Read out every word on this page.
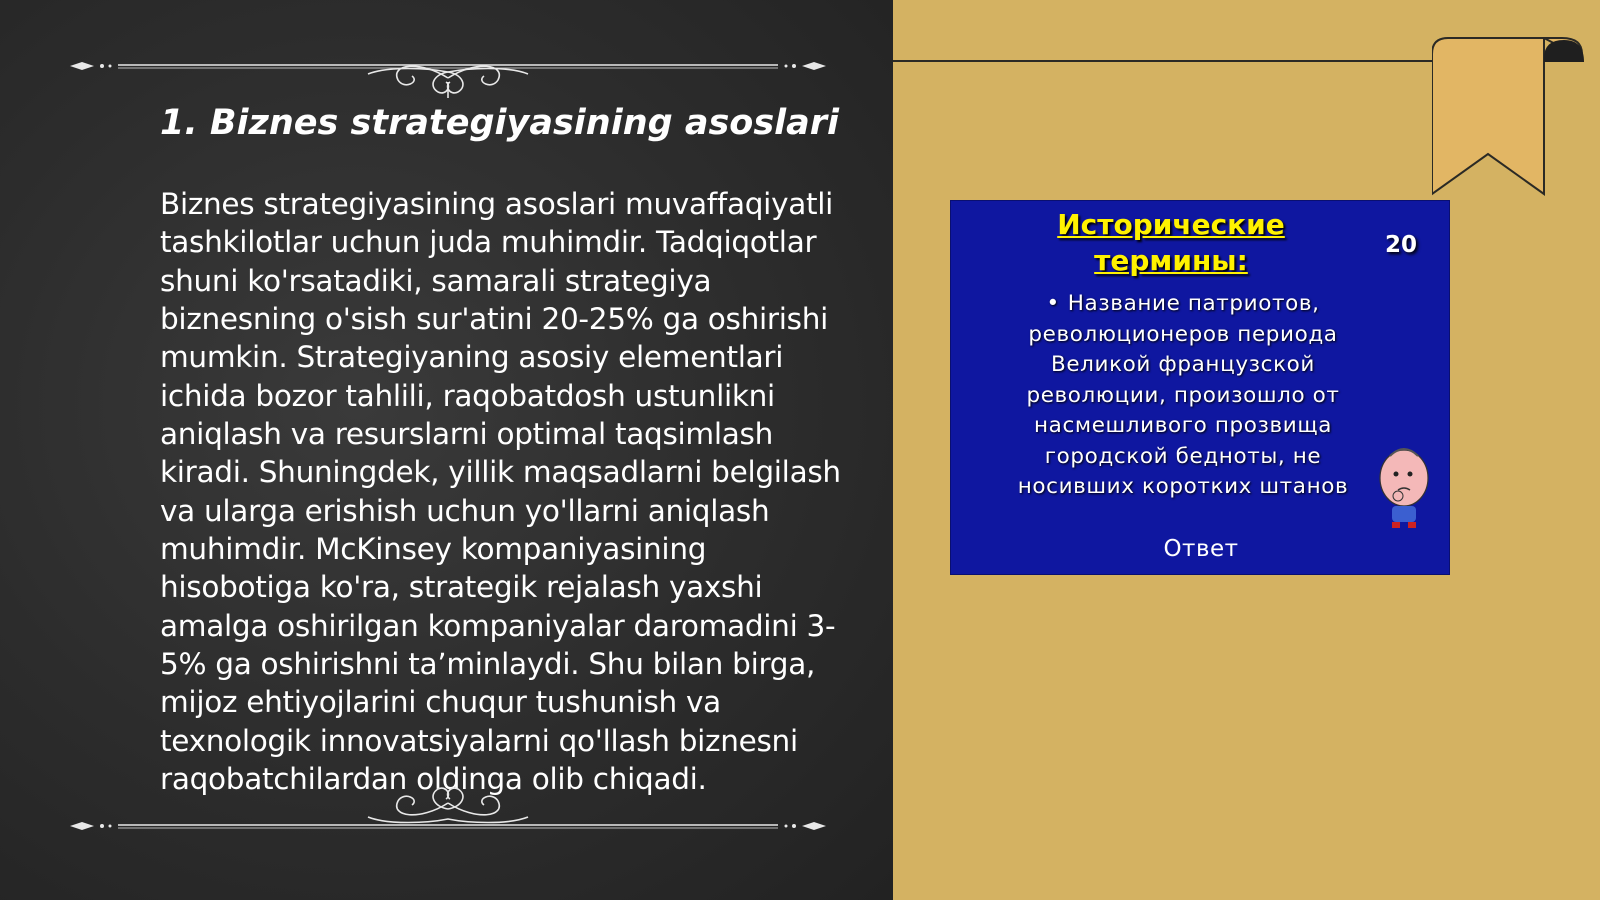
1. Biznes strategiyasining asoslari

Biznes strategiyasining asoslari muvaffaqiyatli tashkilotlar uchun juda muhimdir. Tadqiqotlar shuni ko'rsatadiki, samarali strategiya biznesning o'sish sur'atini 20-25% ga oshirishi mumkin. Strategiyaning asosiy elementlari ichida bozor tahlili, raqobatdosh ustunlikni aniqlash va resurslarni optimal taqsimlash kiradi. Shuningdek, yillik maqsadlarni belgilash va ularga erishish uchun yo'llarni aniqlash muhimdir. McKinsey kompaniyasining hisobotiga ko'ra, strategik rejalash yaxshi amalga oshirilgan kompaniyalar daromadini 3-5% ga oshirishni ta’minlaydi. Shu bilan birga, mijoz ehtiyojlarini chuqur tushunish va texnologik innovatsiyalarni qo'llash biznesni raqobatchilardan oldinga olib chiqadi.

Исторические термины:	20

• Название патриотов, революционеров периода Великой французской революции, произошло от насмешливого прозвища городской бедноты, не носивших коротких штанов

Ответ
